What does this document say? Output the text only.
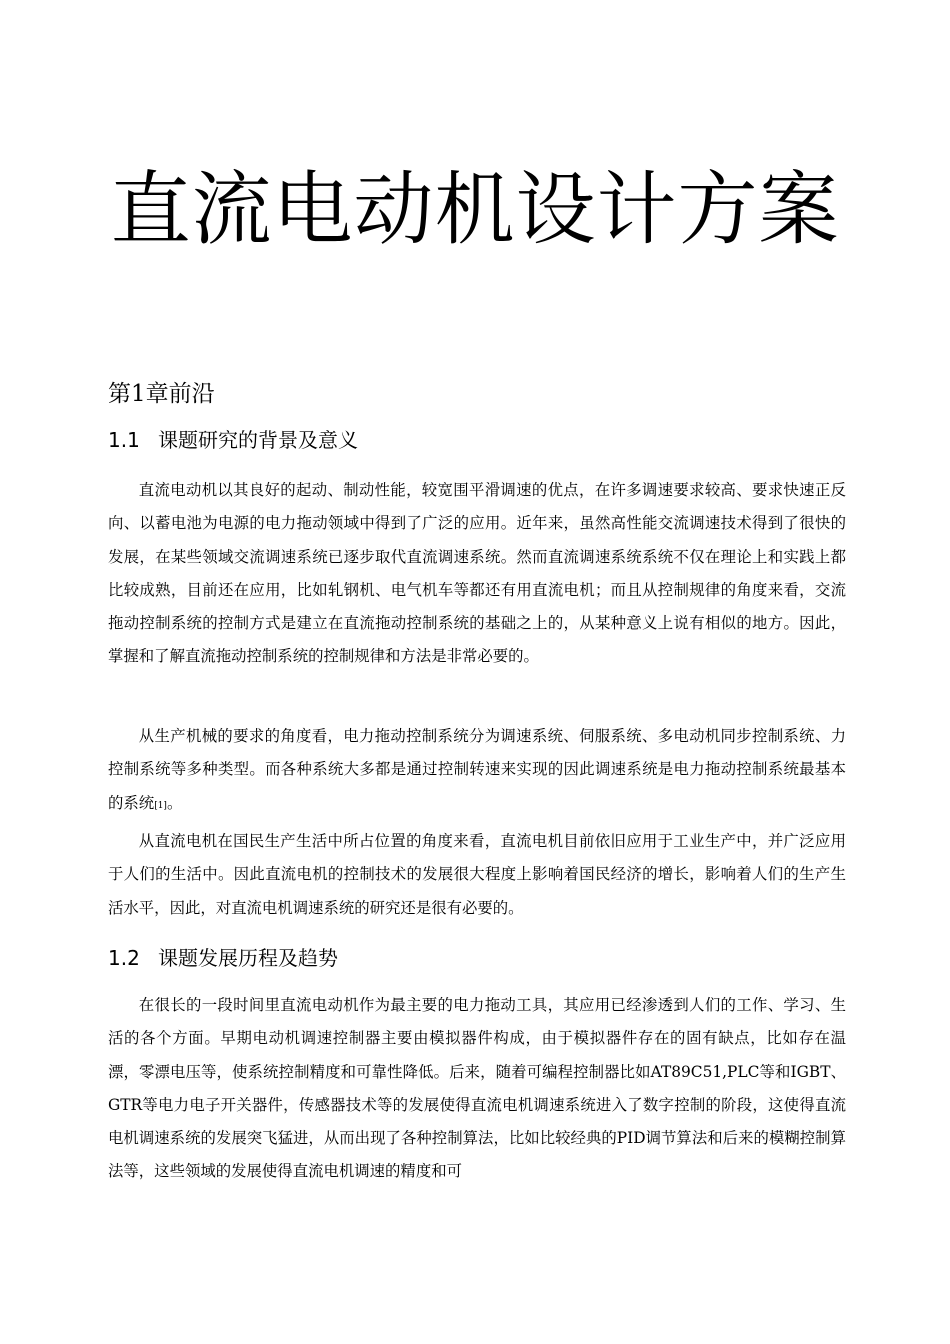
直流电动机设计方案
第1章前沿
1.1 课题研究的背景及意义

直流电动机以其良好的起动、制动性能，较宽围平滑调速的优点，在许多调速要求较高、要求快速正反向、以蓄电池为电源的电力拖动领域中得到了广泛的应用。近年来，虽然高性能交流调速技术得到了很快的发展，在某些领域交流调速系统已逐步取代直流调速系统。然而直流调速系统系统不仅在理论上和实践上都比较成熟，目前还在应用，比如轧钢机、电气机车等都还有用直流电机；而且从控制规律的角度来看，交流拖动控制系统的控制方式是建立在直流拖动控制系统的基础之上的，从某种意义上说有相似的地方。因此，掌握和了解直流拖动控制系统的控制规律和方法是非常必要的。

从生产机械的要求的角度看，电力拖动控制系统分为调速系统、伺服系统、多电动机同步控制系统、力控制系统等多种类型。而各种系统大多都是通过控制转速来实现的因此调速系统是电力拖动控制系统最基本的系统[1]。

从直流电机在国民生产生活中所占位置的角度来看，直流电机目前依旧应用于工业生产中，并广泛应用于人们的生活中。因此直流电机的控制技术的发展很大程度上影响着国民经济的增长，影响着人们的生产生活水平，因此，对直流电机调速系统的研究还是很有必要的。

1.2 课题发展历程及趋势

在很长的一段时间里直流电动机作为最主要的电力拖动工具，其应用已经渗透到人们的工作、学习、生活的各个方面。早期电动机调速控制器主要由模拟器件构成，由于模拟器件存在的固有缺点，比如存在温漂，零漂电压等，使系统控制精度和可靠性降低。后来，随着可编程控制器比如AT89C51,PLC等和IGBT、GTR等电力电子开关器件，传感器技术等的发展使得直流电机调速系统进入了数字控制的阶段，这使得直流电机调速系统的发展突飞猛进，从而出现了各种控制算法，比如比较经典的PID调节算法和后来的模糊控制算法等，这些领域的发展使得直流电机调速的精度和可
